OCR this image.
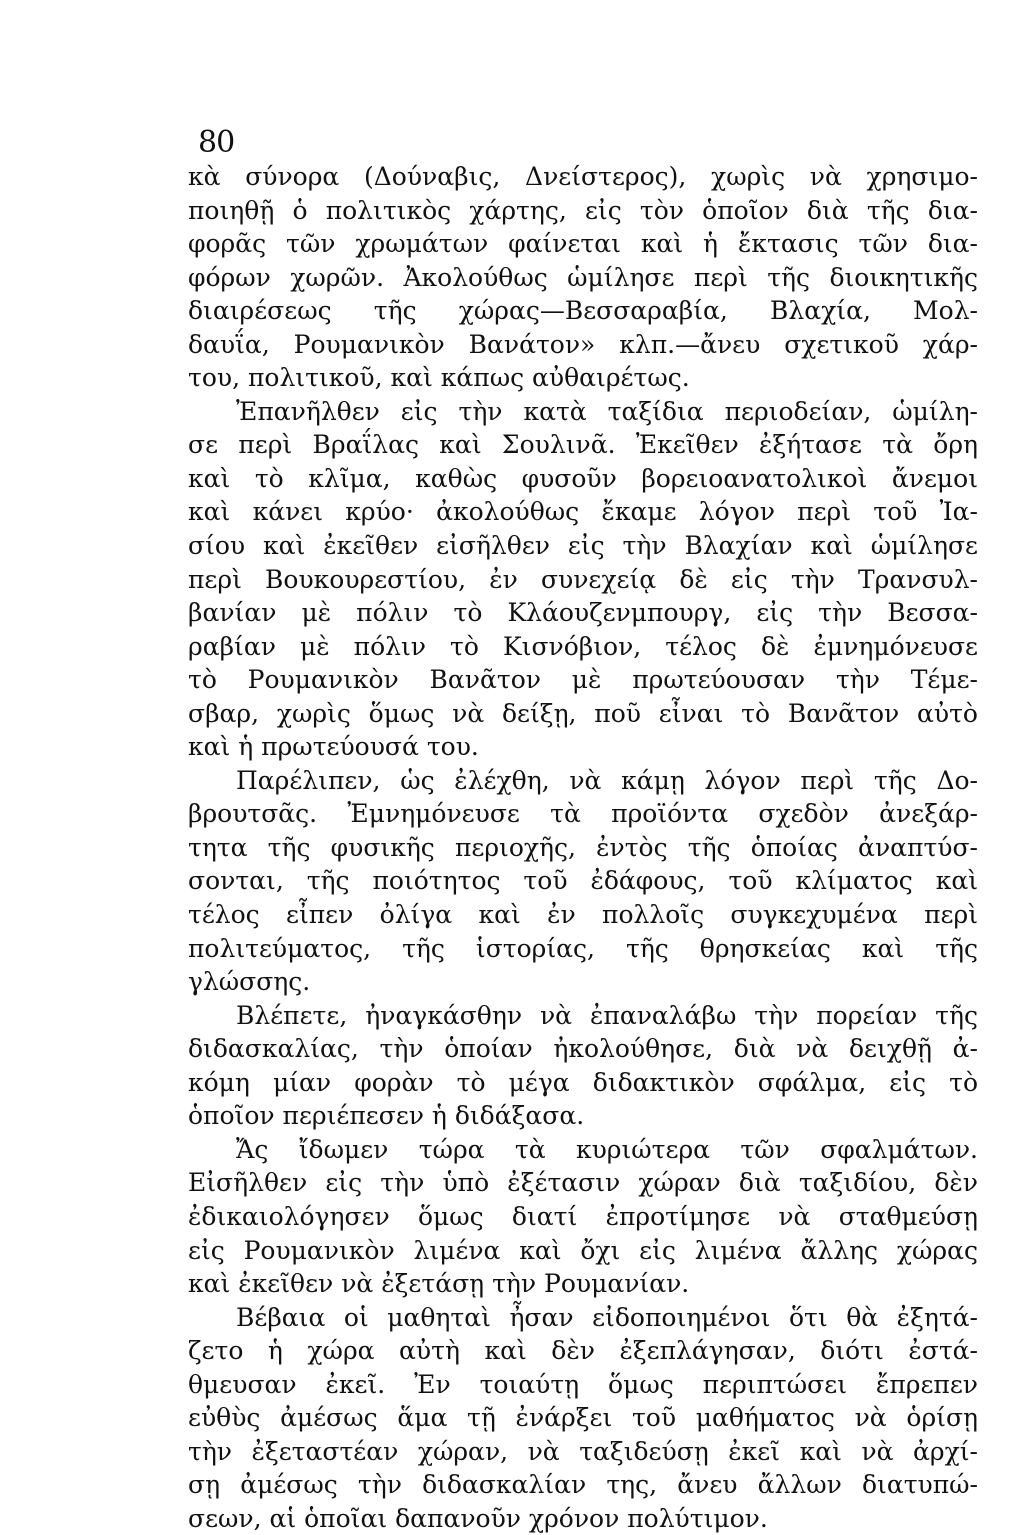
80
κὰ σύνορα (Δούναβις, Δνείστερος), χωρὶς νὰ χρησιμο-
ποιηθῇ ὁ πολιτικὸς χάρτης, εἰς τὸν ὁποῖον διὰ τῆς δια-
φορᾶς τῶν χρωμάτων φαίνεται καὶ ἡ ἔκτασις τῶν δια-
φόρων χωρῶν. Ἀκολούθως ὡμίλησε περὶ τῆς διοικητικῆς
διαιρέσεως τῆς χώρας—Βεσσαραβία, Βλαχία, Μολ-
δαυΐα, Ρουμανικὸν Βανάτον» κλπ.—ἄνευ σχετικοῦ χάρ-
του, πολιτικοῦ, καὶ κάπως αὐθαιρέτως.
Ἐπανῆλθεν εἰς τὴν κατὰ ταξίδια περιοδείαν, ὡμίλη-
σε περὶ Βραΐλας καὶ Σουλινᾶ. Ἐκεῖθεν ἐξήτασε τὰ ὄρη
καὶ τὸ κλῖμα, καθὼς φυσοῦν βορειοανατολικοὶ ἄνεμοι
καὶ κάνει κρύο· ἀκολούθως ἔκαμε λόγον περὶ τοῦ Ἰα-
σίου καὶ ἐκεῖθεν εἰσῆλθεν εἰς τὴν Βλαχίαν καὶ ὡμίλησε
περὶ Βουκουρεστίου, ἐν συνεχείᾳ δὲ εἰς τὴν Τρανσυλ-
βανίαν μὲ πόλιν τὸ Κλάουζενμπουργ, εἰς τὴν Βεσσα-
ραβίαν μὲ πόλιν τὸ Κισνόβιον, τέλος δὲ ἐμνημόνευσε
τὸ Ρουμανικὸν Βανᾶτον μὲ πρωτεύουσαν τὴν Τέμε-
σβαρ, χωρὶς ὅμως νὰ δείξῃ, ποῦ εἶναι τὸ Βανᾶτον αὐτὸ
καὶ ἡ πρωτεύουσά του.
Παρέλιπεν, ὡς ἐλέχθη, νὰ κάμῃ λόγον περὶ τῆς Δο-
βρουτσᾶς. Ἐμνημόνευσε τὰ προϊόντα σχεδὸν ἀνεξάρ-
τητα τῆς φυσικῆς περιοχῆς, ἐντὸς τῆς ὁποίας ἀναπτύσ-
σονται, τῆς ποιότητος τοῦ ἐδάφους, τοῦ κλίματος καὶ
τέλος εἶπεν ὀλίγα καὶ ἐν πολλοῖς συγκεχυμένα περὶ
πολιτεύματος, τῆς ἱστορίας, τῆς θρησκείας καὶ τῆς
γλώσσης.
Βλέπετε, ἠναγκάσθην νὰ ἐπαναλάβω τὴν πορείαν τῆς
διδασκαλίας, τὴν ὁποίαν ἠκολούθησε, διὰ νὰ δειχθῇ ἀ-
κόμη μίαν φορὰν τὸ μέγα διδακτικὸν σφάλμα, εἰς τὸ
ὁποῖον περιέπεσεν ἡ διδάξασα.
Ἄς ἴδωμεν τώρα τὰ κυριώτερα τῶν σφαλμάτων.
Εἰσῆλθεν εἰς τὴν ὑπὸ ἐξέτασιν χώραν διὰ ταξιδίου, δὲν
ἐδικαιολόγησεν ὅμως διατί ἐπροτίμησε νὰ σταθμεύσῃ
εἰς Ρουμανικὸν λιμένα καὶ ὄχι εἰς λιμένα ἄλλης χώρας
καὶ ἐκεῖθεν νὰ ἐξετάσῃ τὴν Ρουμανίαν.
Βέβαια οἱ μαθηταὶ ἦσαν εἰδοποιημένοι ὅτι θὰ ἐξητά-
ζετο ἡ χώρα αὐτὴ καὶ δὲν ἐξεπλάγησαν, διότι ἐστά-
θμευσαν ἐκεῖ. Ἐν τοιαύτῃ ὅμως περιπτώσει ἔπρεπεν
εὐθὺς ἀμέσως ἅμα τῇ ἐνάρξει τοῦ μαθήματος νὰ ὁρίσῃ
τὴν ἐξεταστέαν χώραν, νὰ ταξιδεύσῃ ἐκεῖ καὶ νὰ ἀρχί-
σῃ ἀμέσως τὴν διδασκαλίαν της, ἄνευ ἄλλων διατυπώ-
σεων, αἱ ὁποῖαι δαπανοῦν χρόνον πολύτιμον.
